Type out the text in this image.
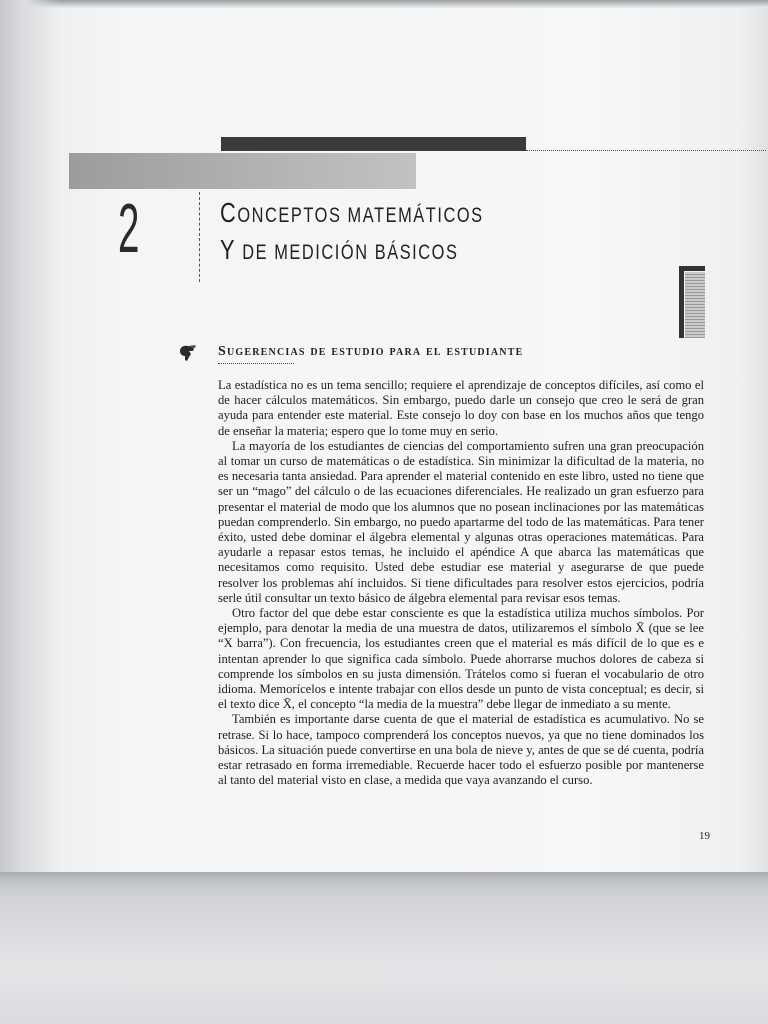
2	CONCEPTOS MATEMÁTICOS
Y DE MEDICIÓN BÁSICOS
Sugerencias de estudio para el estudiante

La estadística no es un tema sencillo; requiere el aprendizaje de conceptos difíciles, así como el de hacer cálculos matemáticos. Sin embargo, puedo darle un consejo que creo le será de gran ayuda para entender este material. Este consejo lo doy con base en los muchos años que tengo de enseñar la materia; espero que lo tome muy en serio.

La mayoría de los estudiantes de ciencias del comportamiento sufren una gran preocupación al tomar un curso de matemáticas o de estadística. Sin minimizar la dificultad de la materia, no es necesaria tanta ansiedad. Para aprender el material contenido en este libro, usted no tiene que ser un “mago” del cálculo o de las ecuaciones diferenciales. He realizado un gran esfuerzo para presentar el material de modo que los alumnos que no posean inclinaciones por las matemáticas puedan comprenderlo. Sin embargo, no puedo apartarme del todo de las matemáticas. Para tener éxito, usted debe dominar el álgebra elemental y algunas otras operaciones matemáticas. Para ayudarle a repasar estos temas, he incluido el apéndice A que abarca las matemáticas que necesitamos como requisito. Usted debe estudiar ese material y asegurarse de que puede resolver los problemas ahí incluidos. Si tiene dificultades para resolver estos ejercicios, podría serle útil consultar un texto básico de álgebra elemental para revisar esos temas.

Otro factor del que debe estar consciente es que la estadística utiliza muchos símbolos. Por ejemplo, para denotar la media de una muestra de datos, utilizaremos el símbolo X̄ (que se lee “X barra”). Con frecuencia, los estudiantes creen que el material es más difícil de lo que es e intentan aprender lo que significa cada símbolo. Puede ahorrarse muchos dolores de cabeza si comprende los símbolos en su justa dimensión. Trátelos como si fueran el vocabulario de otro idioma. Memorícelos e intente trabajar con ellos desde un punto de vista conceptual; es decir, si el texto dice X̄, el concepto “la media de la muestra” debe llegar de inmediato a su mente.

También es importante darse cuenta de que el material de estadística es acumulativo. No se retrase. Si lo hace, tampoco comprenderá los conceptos nuevos, ya que no tiene dominados los básicos. La situación puede convertirse en una bola de nieve y, antes de que se dé cuenta, podría estar retrasado en forma irremediable. Recuerde hacer todo el esfuerzo posible por mantenerse al tanto del material visto en clase, a medida que vaya avanzando el curso.

19
